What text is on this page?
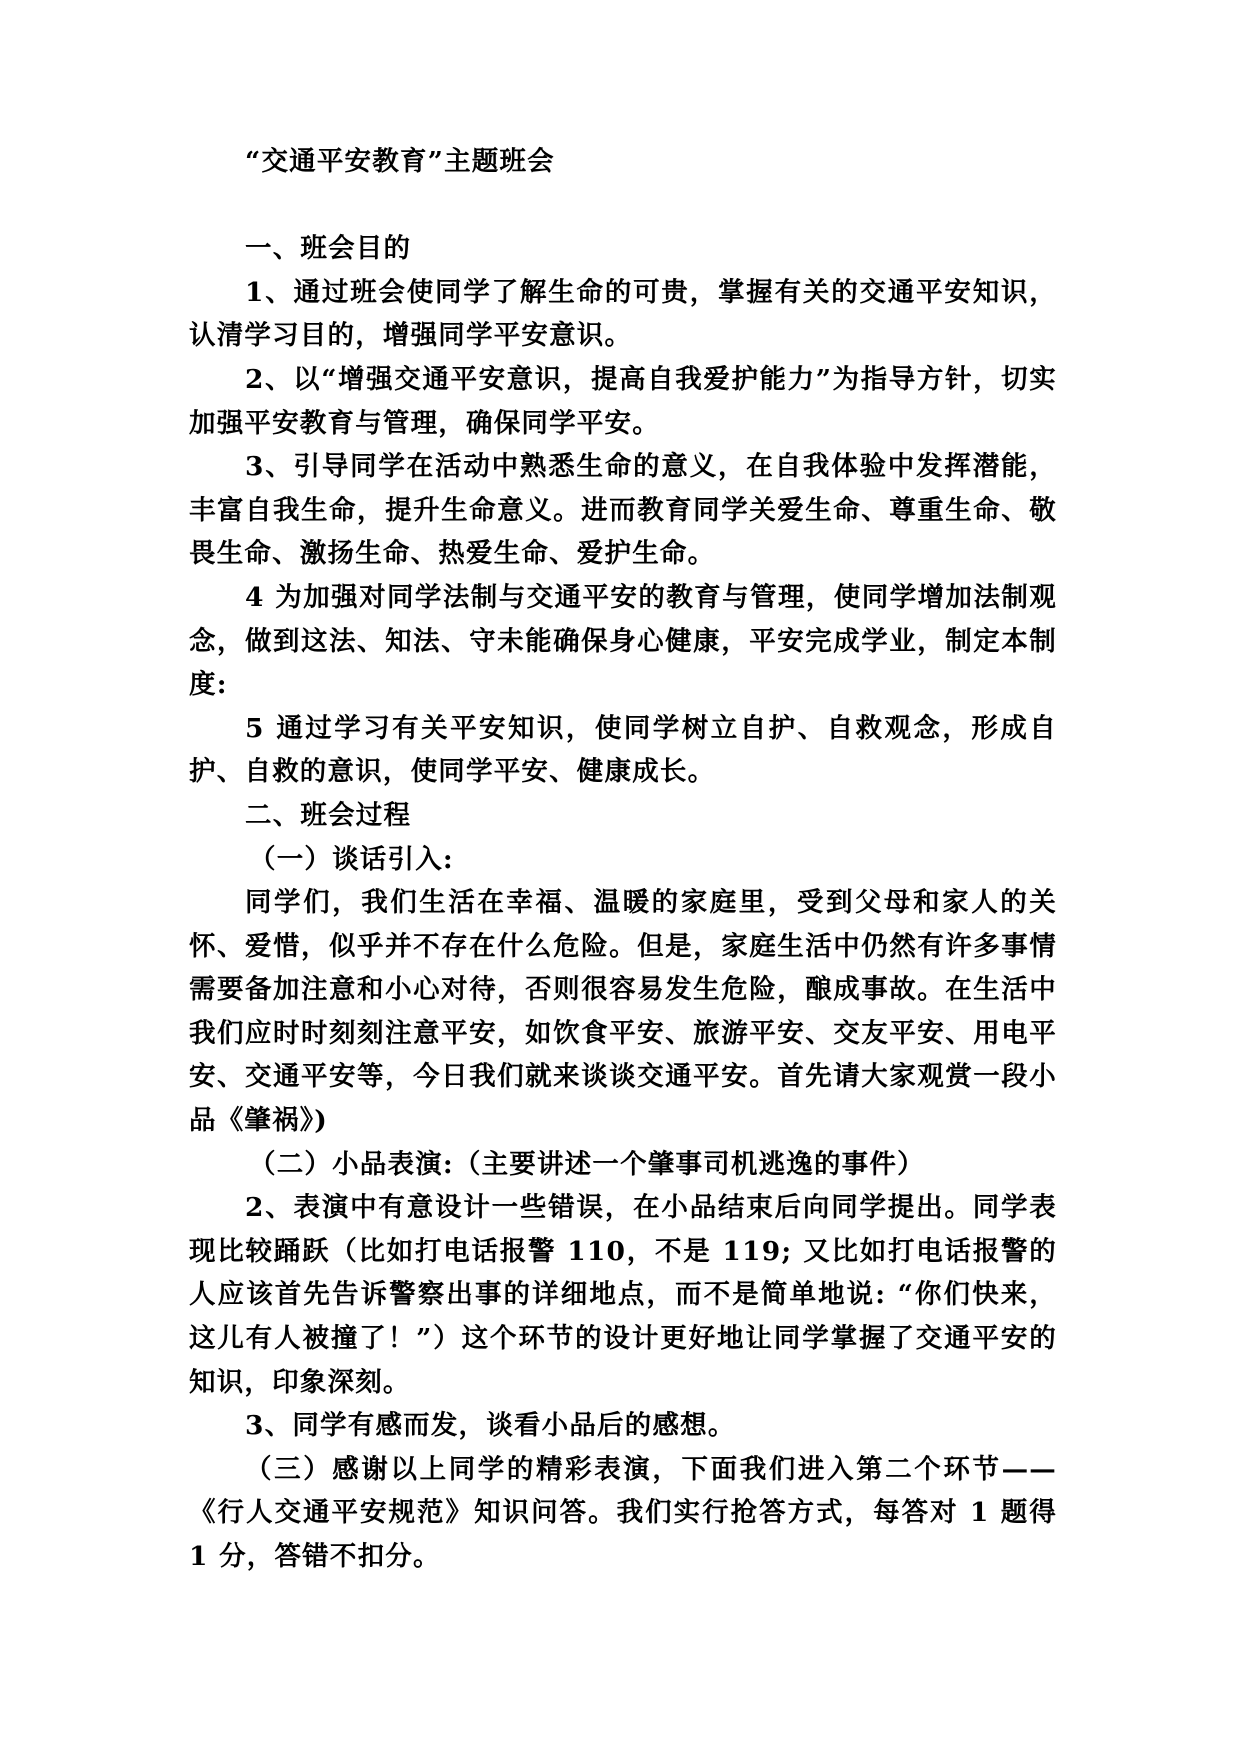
“交通平安教育”主题班会

一、班会目的

1、通过班会使同学了解生命的可贵，掌握有关的交通平安知识，认清学习目的，增强同学平安意识。

2、以“增强交通平安意识，提高自我爱护能力”为指导方针，切实加强平安教育与管理，确保同学平安。

3、引导同学在活动中熟悉生命的意义，在自我体验中发挥潜能，丰富自我生命，提升生命意义。进而教育同学关爱生命、尊重生命、敬畏生命、激扬生命、热爱生命、爱护生命。

4 为加强对同学法制与交通平安的教育与管理，使同学增加法制观念，做到这法、知法、守未能确保身心健康，平安完成学业，制定本制度:

5 通过学习有关平安知识，使同学树立自护、自救观念，形成自护、自救的意识，使同学平安、健康成长。

二、班会过程

（一）谈话引入:

同学们，我们生活在幸福、温暖的家庭里，受到父母和家人的关怀、爱惜，似乎并不存在什么危险。但是，家庭生活中仍然有许多事情需要备加注意和小心对待，否则很容易发生危险，酿成事故。在生活中我们应时时刻刻注意平安，如饮食平安、旅游平安、交友平安、用电平安、交通平安等，今日我们就来谈谈交通平安。首先请大家观赏一段小品《肇祸》)

（二）小品表演:（主要讲述一个肇事司机逃逸的事件）

2、表演中有意设计一些错误，在小品结束后向同学提出。同学表现比较踊跃（比如打电话报警 110，不是 119; 又比如打电话报警的人应该首先告诉警察出事的详细地点，而不是简单地说: “你们快来，这儿有人被撞了！”）这个环节的设计更好地让同学掌握了交通平安的知识，印象深刻。

3、同学有感而发，谈看小品后的感想。

（三）感谢以上同学的精彩表演，下面我们进入第二个环节——《行人交通平安规范》知识问答。我们实行抢答方式，每答对 1 题得 1 分，答错不扣分。
